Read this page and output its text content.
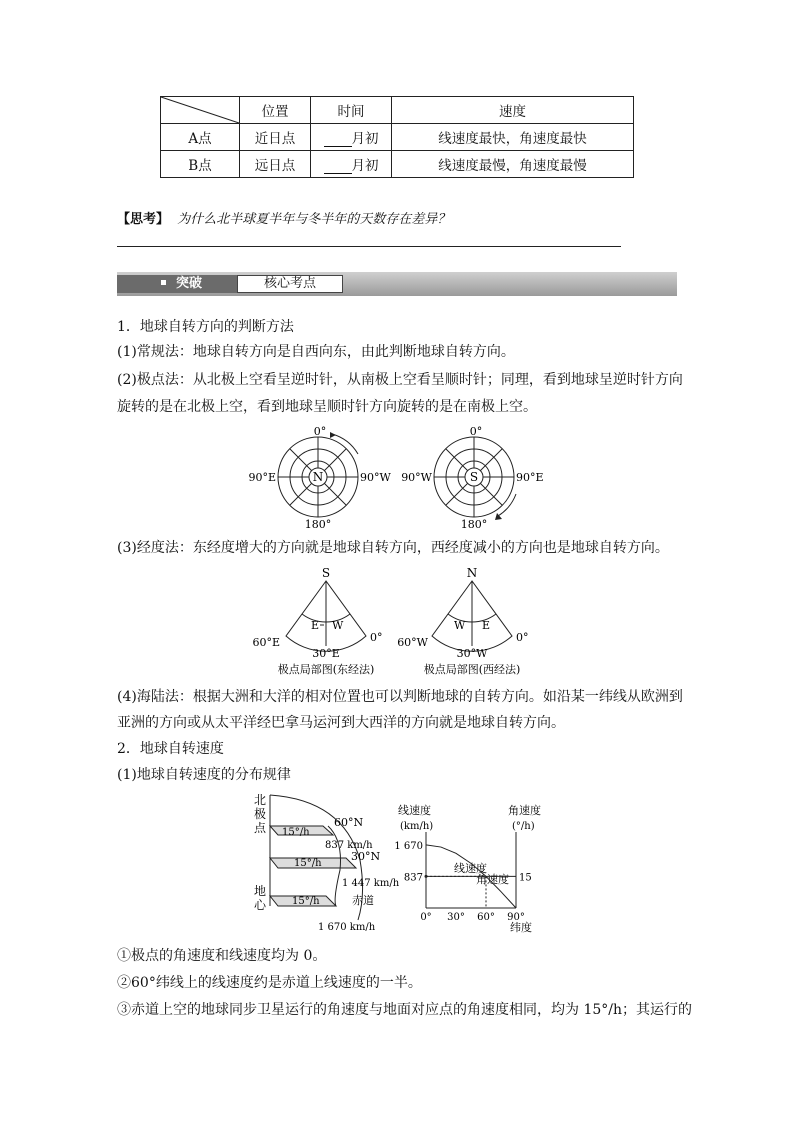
	位置	时间	速度
A点	近日点	月初	线速度最快，角速度最快
B点	远日点	月初	线速度最慢，角速度最慢
【思考】 为什么北半球夏半年与冬半年的天数存在差异？
突破	核心考点
1．地球自转方向的判断方法
(1)常规法：地球自转方向是自西向东，由此判断地球自转方向。
(2)极点法：从北极上空看呈逆时针，从南极上空看呈顺时针；同理，看到地球呈逆时针方向
旋转的是在北极上空，看到地球呈顺时针方向旋转的是在南极上空。
N
0°
180°
90°E	90°W	S
0°
180°
90°W	90°E
(3)经度法：东经度增大的方向就是地球自转方向，西经度减小的方向也是地球自转方向。
S
E W
60°E
30°E
0°
极点局部图(东经法)
N
W E
60°W
30°W
0°
极点局部图(西经法)
(4)海陆法：根据大洲和大洋的相对位置也可以判断地球的自转方向。如沿某一纬线从欧洲到
亚洲的方向或从太平洋经巴拿马运河到大西洋的方向就是地球自转方向。
2．地球自转速度
(1)地球自转速度的分布规律
北
极
点
地
心
15°/h
15°/h
15°/h
60°N
837 km/h
30°N
1 447 km/h
赤道
1 670 km/h
线速度
(km/h)
角速度
(°/h)
线速度
角速度
纬度
1 670
837	15
0° 30° 60° 90°
①极点的角速度和线速度均为 0。
②60°纬线上的线速度约是赤道上线速度的一半。
③赤道上空的地球同步卫星运行的角速度与地面对应点的角速度相同，均为 15°/h；其运行的
